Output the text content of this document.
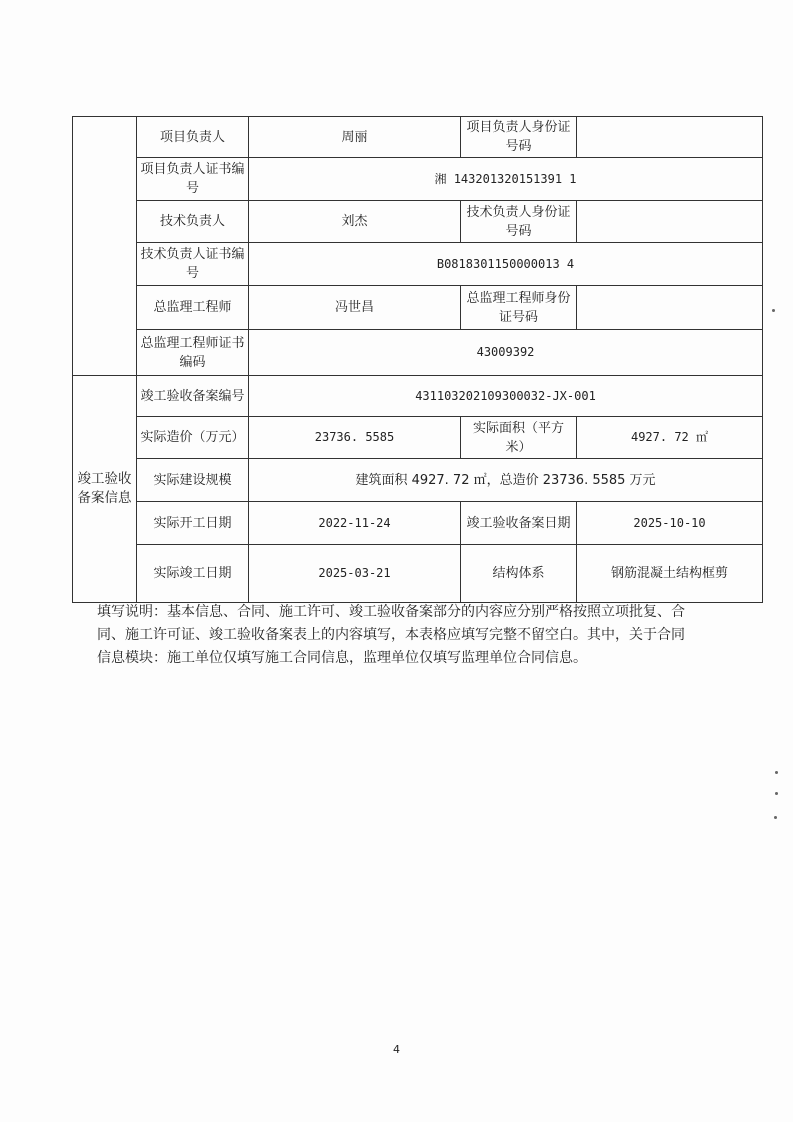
	项目负责人	周丽	项目负责人身份证号码	
	项目负责人证书编号	湘 143201320151391 1		
	技术负责人	刘杰	技术负责人身份证号码	
	技术负责人证书编号	B0818301150000013 4		
	总监理工程师	冯世昌	总监理工程师身份证号码	
	总监理工程师证书编码	43009392		
竣工验收备案信息	竣工验收备案编号	431103202109300032-JX-001		
	实际造价（万元）	23736. 5585	实际面积（平方米）	4927. 72 ㎡
	实际建设规模	建筑面积 4927. 72 ㎡，总造价 23736. 5585 万元		
	实际开工日期	2022-11-24	竣工验收备案日期	2025-10-10
	实际竣工日期	2025-03-21	结构体系	钢筋混凝土结构框剪

填写说明：基本信息、合同、施工许可、竣工验收备案部分的内容应分别严格按照立项批复、合同、施工许可证、竣工验收备案表上的内容填写，本表格应填写完整不留空白。其中，关于合同信息模块：施工单位仅填写施工合同信息，监理单位仅填写监理单位合同信息。

4
